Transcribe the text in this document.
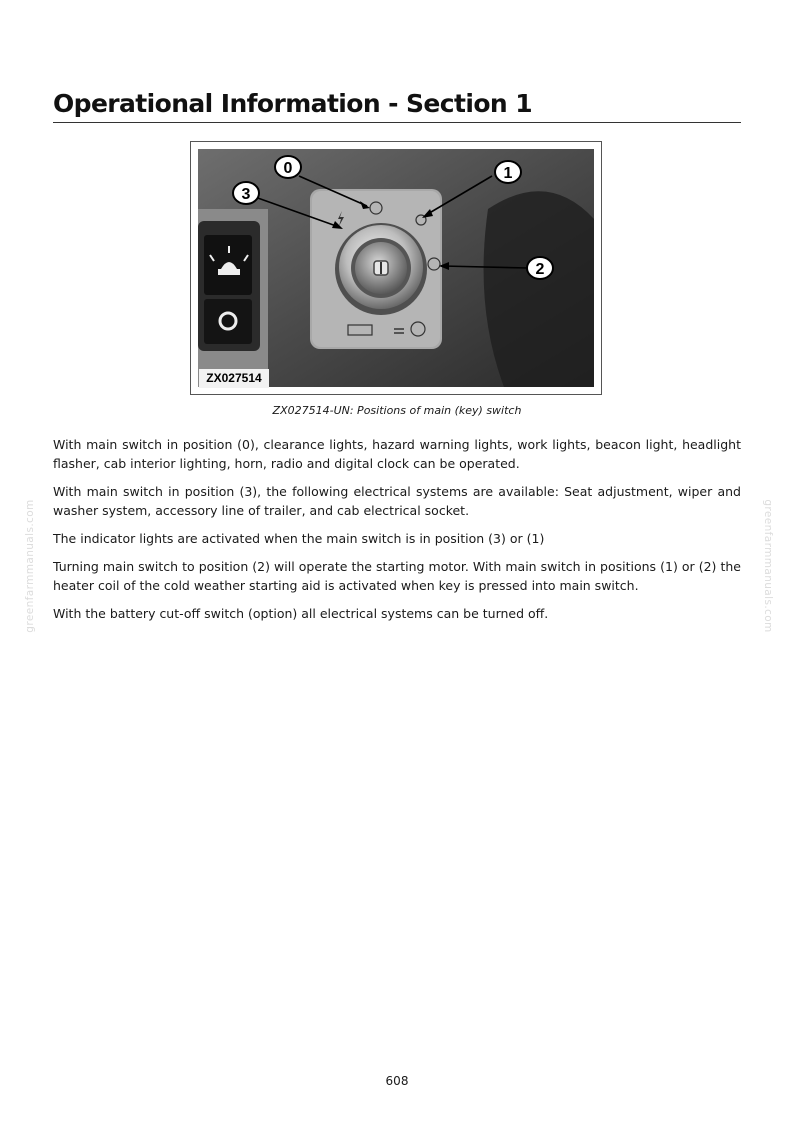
Operational Information - Section 1
0	1
2
3
ZX027514
ZX027514-UN: Positions of main (key) switch

With main switch in position (0), clearance lights, hazard warning lights, work lights, beacon light, headlight flasher, cab interior lighting, horn, radio and digital clock can be operated.

With main switch in position (3), the following electrical systems are available: Seat adjustment, wiper and washer system, accessory line of trailer, and cab electrical socket.

The indicator lights are activated when the main switch is in position (3) or (1)

Turning main switch to position (2) will operate the starting motor. With main switch in positions (1) or (2) the heater coil of the cold weather starting aid is activated when key is pressed into main switch.

With the battery cut-off switch (option) all electrical systems can be turned off.

greenfarmmanuals.com	greenfarmmanuals.com
608
